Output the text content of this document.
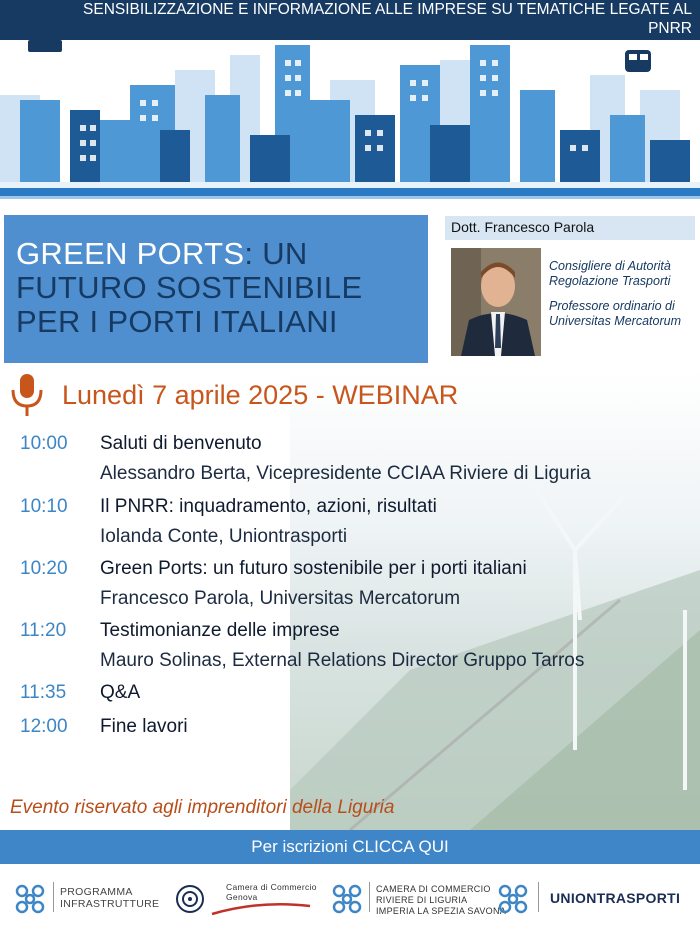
SENSIBILIZZAZIONE E INFORMAZIONE ALLE IMPRESE SU TEMATICHE LEGATE AL
PNRR
GREEN PORTS: UN
FUTURO SOSTENIBILE
PER I PORTI ITALIANI
Dott. Francesco Parola

Consigliere di Autorità Regolazione Trasporti

Professore ordinario di Universitas Mercatorum

Lunedì 7 aprile 2025 - WEBINAR
10:00 Saluti di benvenuto
Alessandro Berta, Vicepresidente CCIAA Riviere di Liguria
10:10 Il PNRR: inquadramento, azioni, risultati
Iolanda Conte, Uniontrasporti
10:20 Green Ports: un futuro sostenibile per i porti italiani
Francesco Parola, Universitas Mercatorum
11:20 Testimonianze delle imprese
Mauro Solinas, External Relations Director Gruppo Tarros
11:35 Q&A
12:00 Fine lavori
Evento riservato agli imprenditori della Liguria
Per iscrizioni CLICCA QUI
PROGRAMMA
INFRASTRUTTURE
Camera di Commercio
Genova
CAMERA DI COMMERCIO
RIVIERE DI LIGURIA
IMPERIA LA SPEZIA SAVONA
UNIONTRASPORTI
